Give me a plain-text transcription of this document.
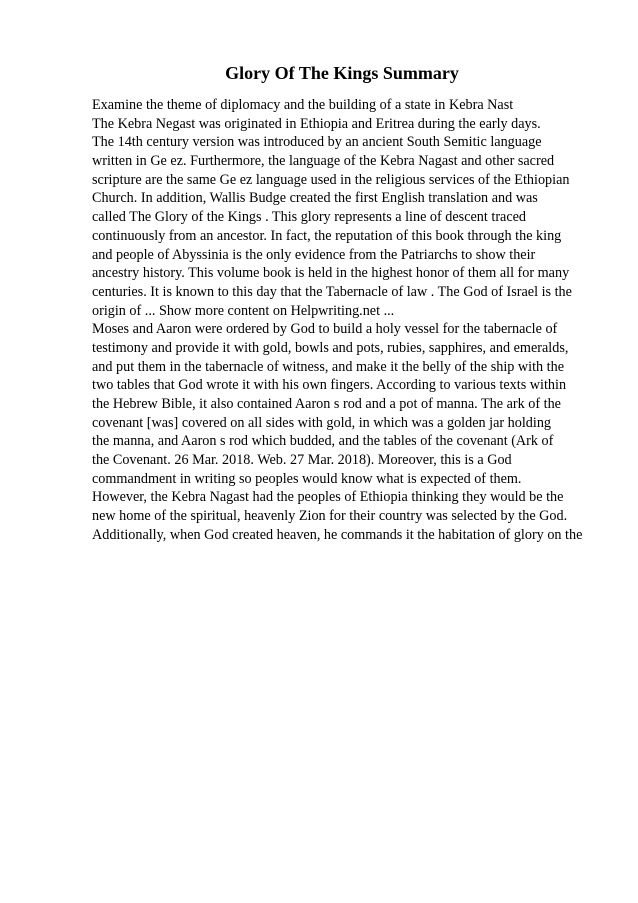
Glory Of The Kings Summary
Examine the theme of diplomacy and the building of a state in Kebra Nast
The Kebra Negast was originated in Ethiopia and Eritrea during the early days.
The 14th century version was introduced by an ancient South Semitic language
written in Ge ez. Furthermore, the language of the Kebra Nagast and other sacred
scripture are the same Ge ez language used in the religious services of the Ethiopian
Church. In addition, Wallis Budge created the first English translation and was
called The Glory of the Kings . This glory represents a line of descent traced
continuously from an ancestor. In fact, the reputation of this book through the king
and people of Abyssinia is the only evidence from the Patriarchs to show their
ancestry history. This volume book is held in the highest honor of them all for many
centuries. It is known to this day that the Tabernacle of law . The God of Israel is the
origin of ... Show more content on Helpwriting.net ...
Moses and Aaron were ordered by God to build a holy vessel for the tabernacle of
testimony and provide it with gold, bowls and pots, rubies, sapphires, and emeralds,
and put them in the tabernacle of witness, and make it the belly of the ship with the
two tables that God wrote it with his own fingers. According to various texts within
the Hebrew Bible, it also contained Aaron s rod and a pot of manna. The ark of the
covenant [was] covered on all sides with gold, in which was a golden jar holding
the manna, and Aaron s rod which budded, and the tables of the covenant (Ark of
the Covenant. 26 Mar. 2018. Web. 27 Mar. 2018). Moreover, this is a God
commandment in writing so peoples would know what is expected of them.
However, the Kebra Nagast had the peoples of Ethiopia thinking they would be the
new home of the spiritual, heavenly Zion for their country was selected by the God.
Additionally, when God created heaven, he commands it the habitation of glory on the
